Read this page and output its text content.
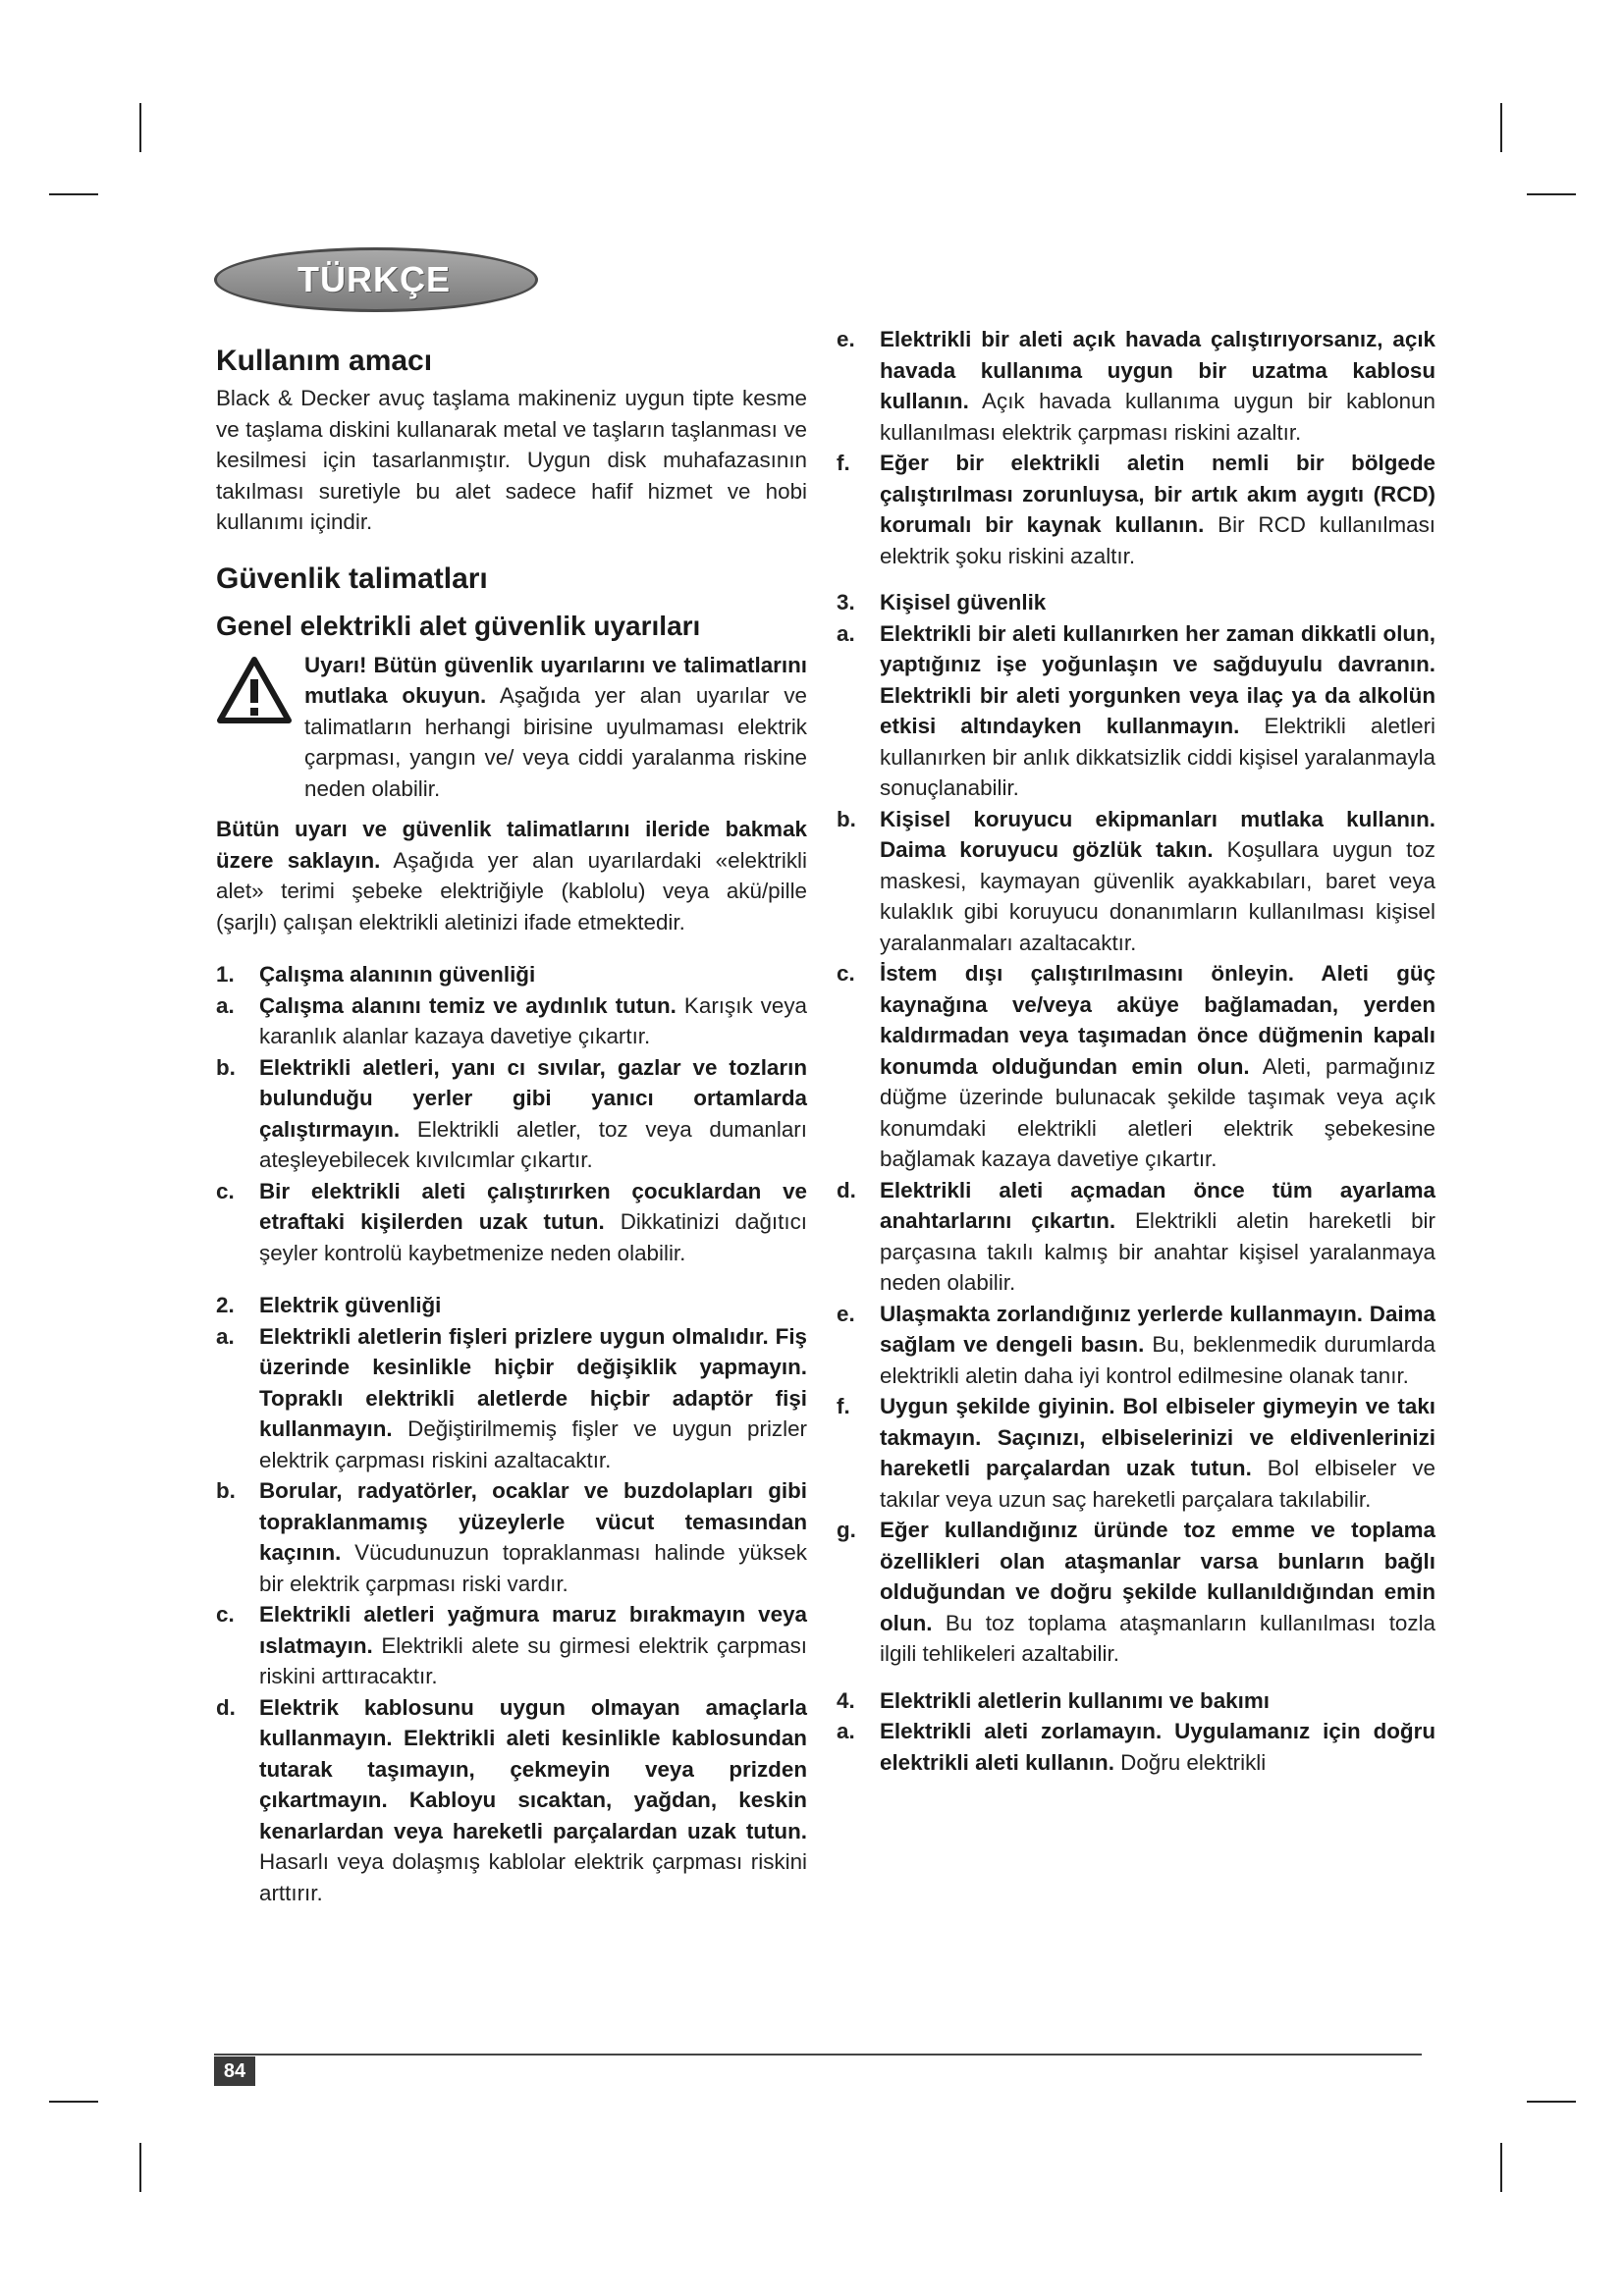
TÜRKÇE
Kullanım amacı

Black & Decker avuç taşlama makineniz uygun tipte kesme ve taşlama diskini kullanarak metal ve taşların taşlanması ve kesilmesi için tasarlanmıştır. Uygun disk muhafazasının takılması suretiyle bu alet sadece hafif hizmet ve hobi kullanımı içindir.

Güvenlik talimatları
Genel elektrikli alet güvenlik uyarıları

Uyarı! Bütün güvenlik uyarılarını ve talimatlarını mutlaka okuyun. Aşağıda yer alan uyarılar ve talimatların herhangi birisine uyulmaması elektrik çarpması, yangın ve/ veya ciddi yaralanma riskine neden olabilir.

Bütün uyarı ve güvenlik talimatlarını ileride bakmak üzere saklayın. Aşağıda yer alan uyarılardaki «elektrikli alet» terimi şebeke elektriğiyle (kablolu) veya akü/pille (şarjlı) çalışan elektrikli aletinizi ifade etmektedir.

1.	Çalışma alanının güvenliği
a.	Çalışma alanını temiz ve aydınlık tutun. Karışık veya karanlık alanlar kazaya davetiye çıkartır.
b.	Elektrikli aletleri, yanı cı sıvılar, gazlar ve tozların bulunduğu yerler gibi yanıcı ortamlarda çalıştırmayın. Elektrikli aletler, toz veya dumanları ateşleyebilecek kıvılcımlar çıkartır.
c.	Bir elektrikli aleti çalıştırırken çocuklardan ve etraftaki kişilerden uzak tutun. Dikkatinizi dağıtıcı şeyler kontrolü kaybetmenize neden olabilir.
2.	Elektrik güvenliği
a.	Elektrikli aletlerin fişleri prizlere uygun olmalıdır. Fiş üzerinde kesinlikle hiçbir değişiklik yapmayın. Topraklı elektrikli aletlerde hiçbir adaptör fişi kullanmayın. Değiştirilmemiş fişler ve uygun prizler elektrik çarpması riskini azaltacaktır.
b.	Borular, radyatörler, ocaklar ve buzdolapları gibi topraklanmamış yüzeylerle vücut temasından kaçının. Vücudunuzun topraklanması halinde yüksek bir elektrik çarpması riski vardır.
c.	Elektrikli aletleri yağmura maruz bırakmayın veya ıslatmayın. Elektrikli alete su girmesi elektrik çarpması riskini arttıracaktır.
d.	Elektrik kablosunu uygun olmayan amaçlarla kullanmayın. Elektrikli aleti kesinlikle kablosundan tutarak taşımayın, çekmeyin veya prizden çıkartmayın. Kabloyu sıcaktan, yağdan, keskin kenarlardan veya hareketli parçalardan uzak tutun. Hasarlı veya dolaşmış kablolar elektrik çarpması riskini arttırır.
e.	Elektrikli bir aleti açık havada çalıştırıyorsanız, açık havada kullanıma uygun bir uzatma kablosu kullanın. Açık havada kullanıma uygun bir kablonun kullanılması elektrik çarpması riskini azaltır.
f.	Eğer bir elektrikli aletin nemli bir bölgede çalıştırılması zorunluysa, bir artık akım aygıtı (RCD) korumalı bir kaynak kullanın. Bir RCD kullanılması elektrik şoku riskini azaltır.
3.	Kişisel güvenlik
a.	Elektrikli bir aleti kullanırken her zaman dikkatli olun, yaptığınız işe yoğunlaşın ve sağduyulu davranın. Elektrikli bir aleti yorgunken veya ilaç ya da alkolün etkisi altındayken kullanmayın. Elektrikli aletleri kullanırken bir anlık dikkatsizlik ciddi kişisel yaralanmayla sonuçlanabilir.
b.	Kişisel koruyucu ekipmanları mutlaka kullanın. Daima koruyucu gözlük takın. Koşullara uygun toz maskesi, kaymayan güvenlik ayakkabıları, baret veya kulaklık gibi koruyucu donanımların kullanılması kişisel yaralanmaları azaltacaktır.
c.	İstem dışı çalıştırılmasını önleyin. Aleti güç kaynağına ve/veya aküye bağlamadan, yerden kaldırmadan veya taşımadan önce düğmenin kapalı konumda olduğundan emin olun. Aleti, parmağınız düğme üzerinde bulunacak şekilde taşımak veya açık konumdaki elektrikli aletleri elektrik şebekesine bağlamak kazaya davetiye çıkartır.
d.	Elektrikli aleti açmadan önce tüm ayarlama anahtarlarını çıkartın. Elektrikli aletin hareketli bir parçasına takılı kalmış bir anahtar kişisel yaralanmaya neden olabilir.
e.	Ulaşmakta zorlandığınız yerlerde kullanmayın. Daima sağlam ve dengeli basın. Bu, beklenmedik durumlarda elektrikli aletin daha iyi kontrol edilmesine olanak tanır.
f.	Uygun şekilde giyinin. Bol elbiseler giymeyin ve takı takmayın. Saçınızı, elbiselerinizi ve eldivenlerinizi hareketli parçalardan uzak tutun. Bol elbiseler ve takılar veya uzun saç hareketli parçalara takılabilir.
g.	Eğer kullandığınız üründe toz emme ve toplama özellikleri olan ataşmanlar varsa bunların bağlı olduğundan ve doğru şekilde kullanıldığından emin olun. Bu toz toplama ataşmanların kullanılması tozla ilgili tehlikeleri azaltabilir.
4.	Elektrikli aletlerin kullanımı ve bakımı
a.	Elektrikli aleti zorlamayın. Uygulamanız için doğru elektrikli aleti kullanın. Doğru elektrikli
84
